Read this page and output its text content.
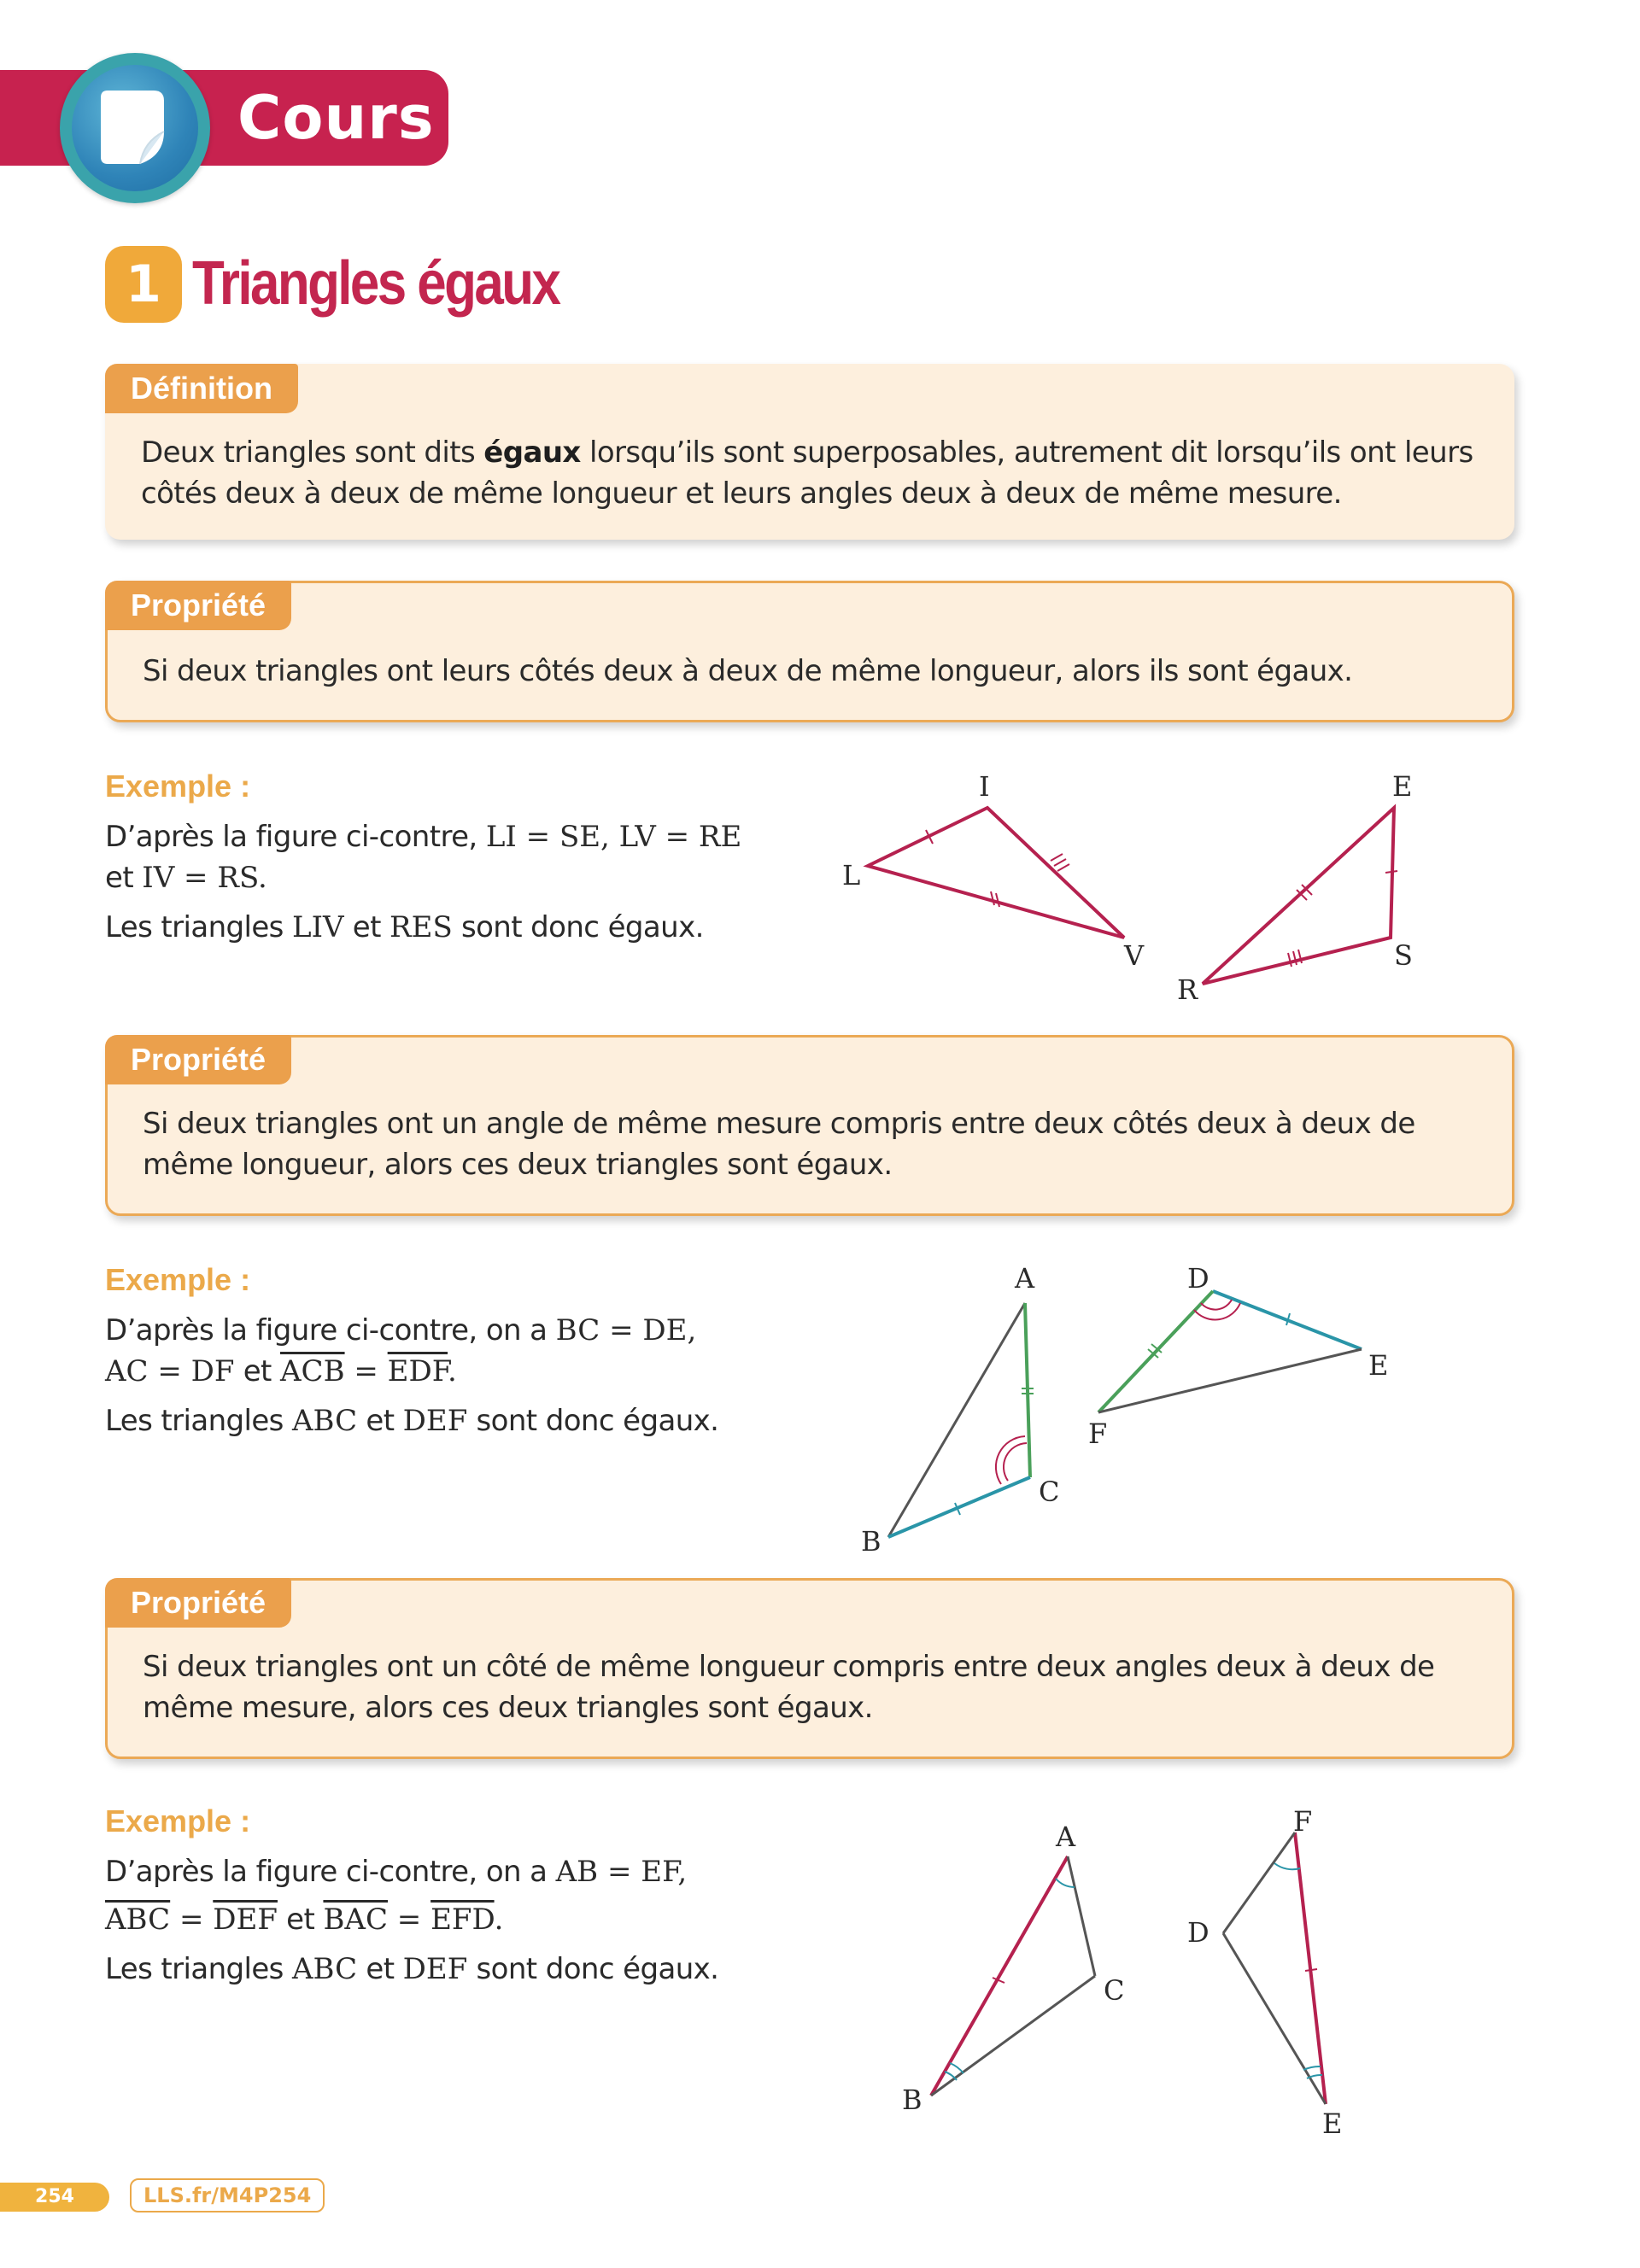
Cours
1 Triangles égaux
Définition
Deux triangles sont dits égaux lorsqu’ils sont superposables, autrement dit lorsqu’ils ont leurs côtés deux à deux de même longueur et leurs angles deux à deux de même mesure.
Propriété
Si deux triangles ont leurs côtés deux à deux de même longueur, alors ils sont égaux.
Exemple :
D’après la figure ci-contre, LI = SE, LV = RE
et IV = RS.
Les triangles LIV et RES sont donc égaux.
I
L
V
E
R
S
Propriété
Si deux triangles ont un angle de même mesure compris entre deux côtés deux à deux de même longueur, alors ces deux triangles sont égaux.
Exemple :
D’après la figure ci-contre, on a BC = DE,
AC = DF et $\overline{ACB} = \overline{EDF}$.
Les triangles ABC et DEF sont donc égaux.
A
B
C
D
E
F
Propriété
Si deux triangles ont un côté de même longueur compris entre deux angles deux à deux de même mesure, alors ces deux triangles sont égaux.
Exemple :
D’après la figure ci-contre, on a AB = EF,
$\overline{ABC} = \overline{DEF}$ et $\overline{BAC} = \overline{EFD}$.
Les triangles ABC et DEF sont donc égaux.
A
B
C
D
E
F
254	LLS.fr/M4P254
